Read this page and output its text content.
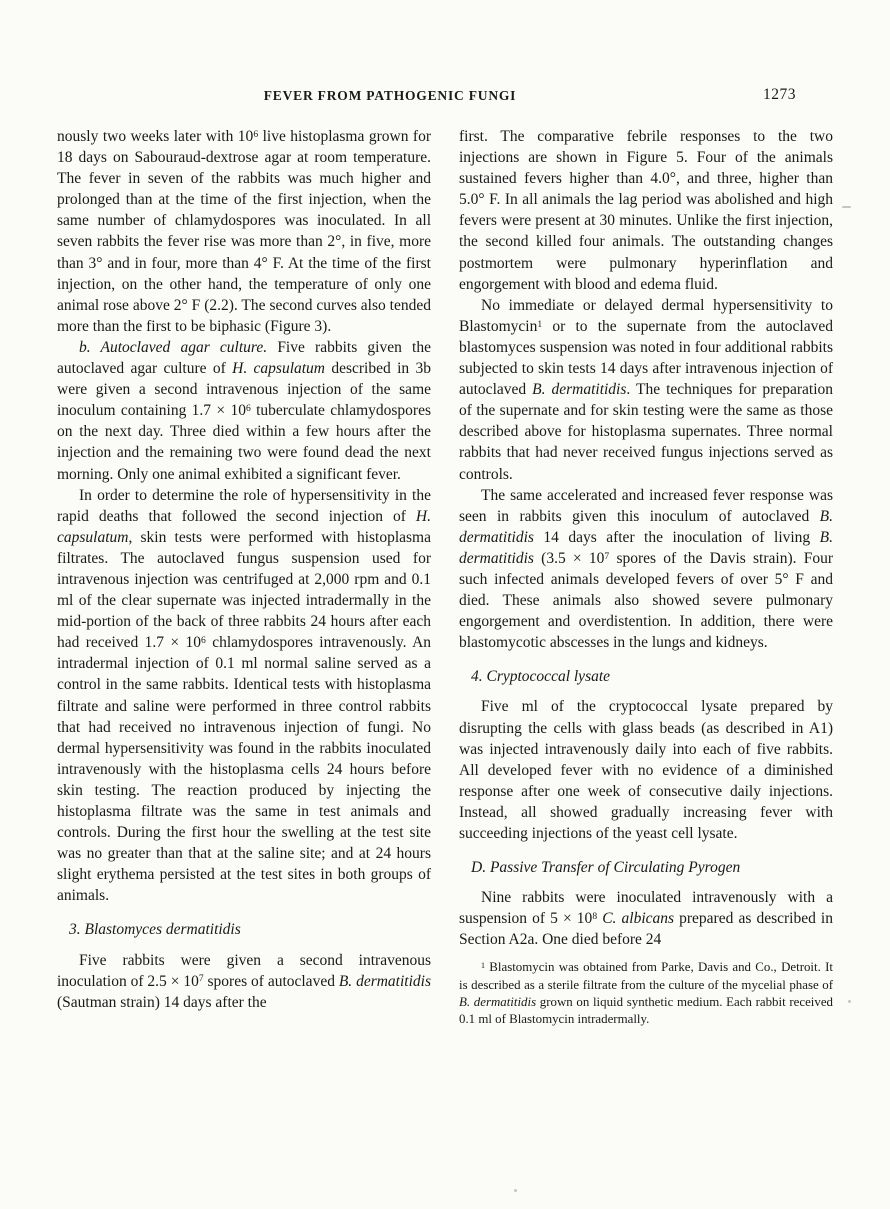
FEVER FROM PATHOGENIC FUNGI	1273

nously two weeks later with $10^6$ live histoplasma grown for 18 days on Sabouraud-dextrose agar at room temperature. The fever in seven of the rabbits was much higher and prolonged than at the time of the first injection, when the same number of chlamydospores was inoculated. In all seven rabbits the fever rise was more than 2°, in five, more than 3° and in four, more than 4° F. At the time of the first injection, on the other hand, the temperature of only one animal rose above 2° F (2.2). The second curves also tended more than the first to be biphasic (Figure 3).

b. Autoclaved agar culture. Five rabbits given the autoclaved agar culture of H. capsulatum described in 3b were given a second intravenous injection of the same inoculum containing $1.7 \times 10^6$ tuberculate chlamydospores on the next day. Three died within a few hours after the injection and the remaining two were found dead the next morning. Only one animal exhibited a significant fever.

In order to determine the role of hypersensitivity in the rapid deaths that followed the second injection of H. capsulatum, skin tests were performed with histoplasma filtrates. The autoclaved fungus suspension used for intravenous injection was centrifuged at 2,000 rpm and 0.1 ml of the clear supernate was injected intradermally in the mid-portion of the back of three rabbits 24 hours after each had received $1.7 \times 10^6$ chlamydospores intravenously. An intradermal injection of 0.1 ml normal saline served as a control in the same rabbits. Identical tests with histoplasma filtrate and saline were performed in three control rabbits that had received no intravenous injection of fungi. No dermal hypersensitivity was found in the rabbits inoculated intravenously with the histoplasma cells 24 hours before skin testing. The reaction produced by injecting the histoplasma filtrate was the same in test animals and controls. During the first hour the swelling at the test site was no greater than that at the saline site; and at 24 hours slight erythema persisted at the test sites in both groups of animals.

3. Blastomyces dermatitidis

Five rabbits were given a second intravenous inoculation of $2.5 \times 10^7$ spores of autoclaved B. dermatitidis (Sautman strain) 14 days after the

first. The comparative febrile responses to the two injections are shown in Figure 5. Four of the animals sustained fevers higher than 4.0°, and three, higher than 5.0° F. In all animals the lag period was abolished and high fevers were present at 30 minutes. Unlike the first injection, the second killed four animals. The outstanding changes postmortem were pulmonary hyperinflation and engorgement with blood and edema fluid.

No immediate or delayed dermal hypersensitivity to Blastomycin$^1$ or to the supernate from the autoclaved blastomyces suspension was noted in four additional rabbits subjected to skin tests 14 days after intravenous injection of autoclaved B. dermatitidis. The techniques for preparation of the supernate and for skin testing were the same as those described above for histoplasma supernates. Three normal rabbits that had never received fungus injections served as controls.

The same accelerated and increased fever response was seen in rabbits given this inoculum of autoclaved B. dermatitidis 14 days after the inoculation of living B. dermatitidis ($3.5 \times 10^7$ spores of the Davis strain). Four such infected animals developed fevers of over 5° F and died. These animals also showed severe pulmonary engorgement and overdistention. In addition, there were blastomycotic abscesses in the lungs and kidneys.

4. Cryptococcal lysate

Five ml of the cryptococcal lysate prepared by disrupting the cells with glass beads (as described in A1) was injected intravenously daily into each of five rabbits. All developed fever with no evidence of a diminished response after one week of consecutive daily injections. Instead, all showed gradually increasing fever with succeeding injections of the yeast cell lysate.

D. Passive Transfer of Circulating Pyrogen

Nine rabbits were inoculated intravenously with a suspension of $5 \times 10^8$ C. albicans prepared as described in Section A2a. One died before 24

$^1$ Blastomycin was obtained from Parke, Davis and Co., Detroit. It is described as a sterile filtrate from the culture of the mycelial phase of B. dermatitidis grown on liquid synthetic medium. Each rabbit received 0.1 ml of Blastomycin intradermally.
